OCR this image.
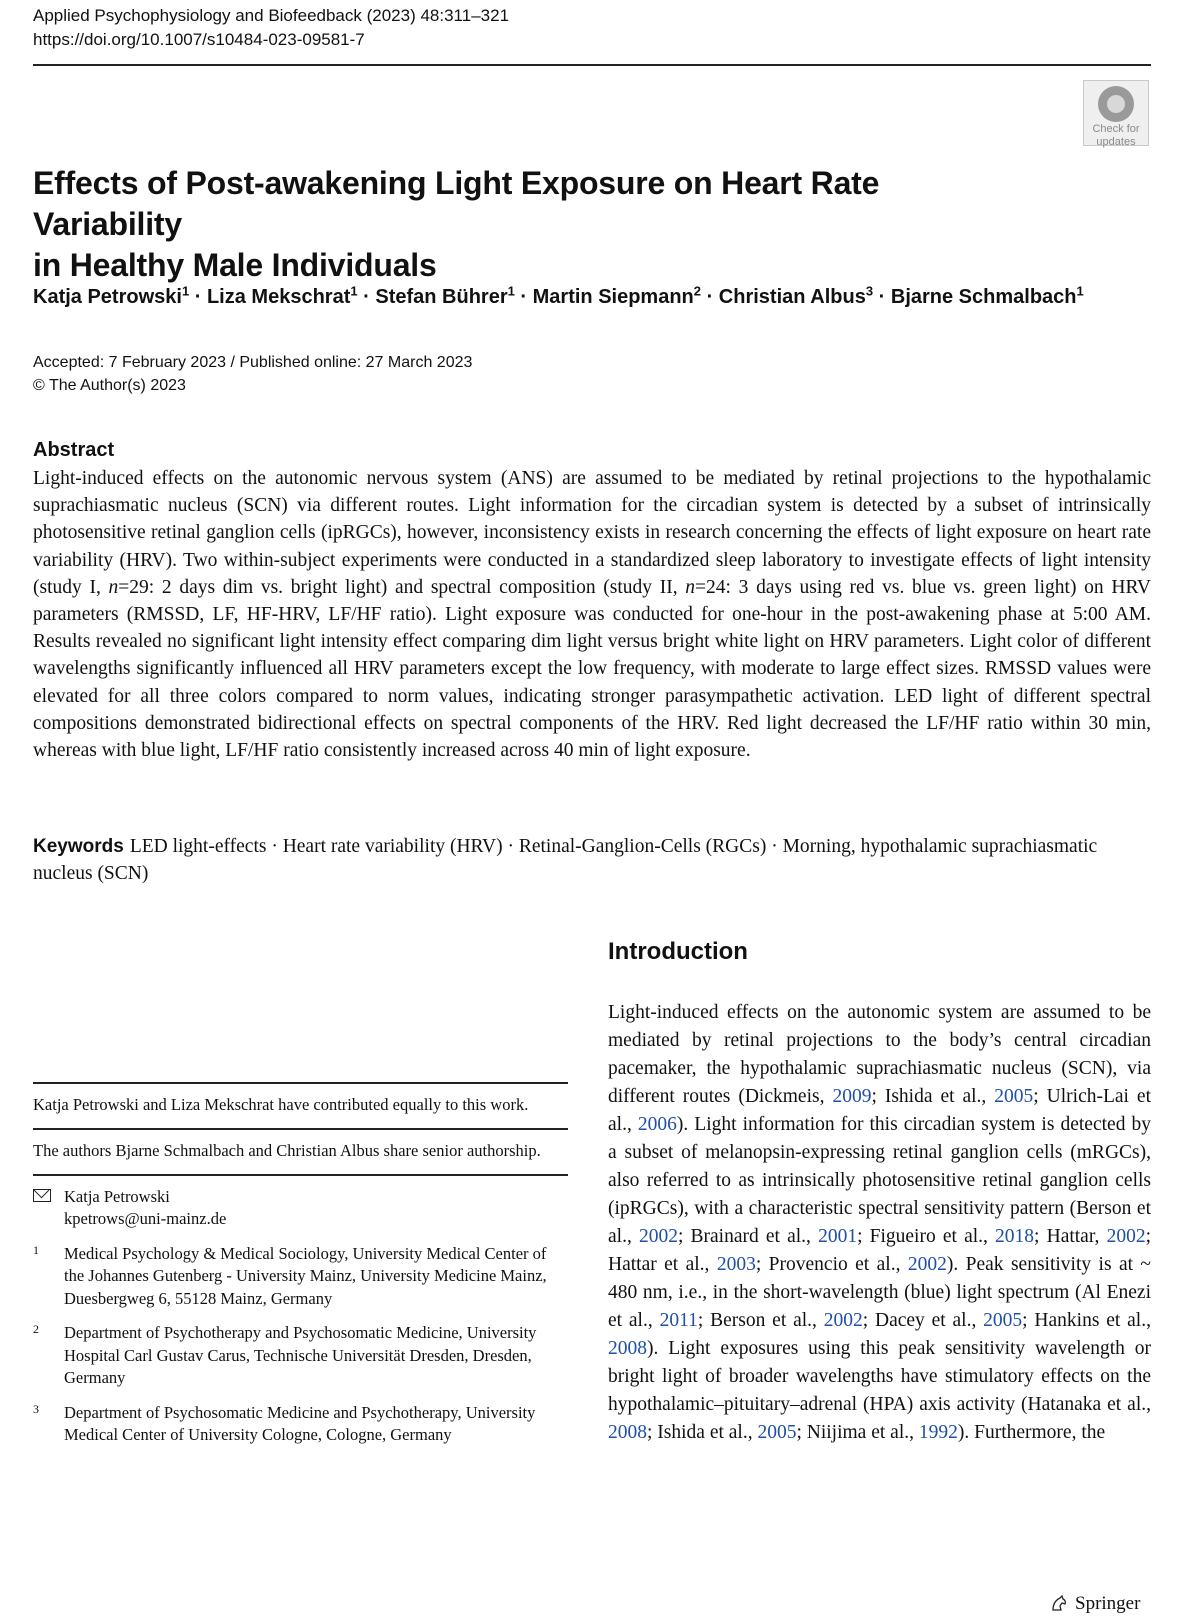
Applied Psychophysiology and Biofeedback (2023) 48:311–321
https://doi.org/10.1007/s10484-023-09581-7
Check for
updates
Effects of Post-awakening Light Exposure on Heart Rate Variability
in Healthy Male Individuals
Katja Petrowski$^1$ · Liza Mekschrat$^1$ · Stefan Bührer$^1$ · Martin Siepmann$^2$ · Christian Albus$^3$ · Bjarne Schmalbach$^1$
Accepted: 7 February 2023 / Published online: 27 March 2023
© The Author(s) 2023
Abstract
Light-induced effects on the autonomic nervous system (ANS) are assumed to be mediated by retinal projections to the hypothalamic suprachiasmatic nucleus (SCN) via different routes. Light information for the circadian system is detected by a subset of intrinsically photosensitive retinal ganglion cells (ipRGCs), however, inconsistency exists in research concerning the effects of light exposure on heart rate variability (HRV). Two within-subject experiments were conducted in a standardized sleep laboratory to investigate effects of light intensity (study I, n=29: 2 days dim vs. bright light) and spectral composition (study II, n=24: 3 days using red vs. blue vs. green light) on HRV parameters (RMSSD, LF, HF-HRV, LF/HF ratio). Light exposure was conducted for one-hour in the post-awakening phase at 5:00 AM. Results revealed no significant light intensity effect comparing dim light versus bright white light on HRV parameters. Light color of different wavelengths significantly influenced all HRV parameters except the low frequency, with moderate to large effect sizes. RMSSD values were elevated for all three colors compared to norm values, indicating stronger parasympathetic activation. LED light of different spectral compositions demonstrated bidirectional effects on spectral components of the HRV. Red light decreased the LF/HF ratio within 30 min, whereas with blue light, LF/HF ratio consistently increased across 40 min of light exposure.
Keywords LED light-effects · Heart rate variability (HRV) · Retinal-Ganglion-Cells (RGCs) · Morning, hypothalamic suprachiasmatic nucleus (SCN)
Introduction
Light-induced effects on the autonomic system are assumed to be mediated by retinal projections to the body’s central circadian pacemaker, the hypothalamic suprachiasmatic nucleus (SCN), via different routes (Dickmeis, 2009; Ishida et al., 2005; Ulrich-Lai et al., 2006). Light information for this circadian system is detected by a subset of melanopsin-expressing retinal ganglion cells (mRGCs), also referred to as intrinsically photosensitive retinal ganglion cells (ipRGCs), with a characteristic spectral sensitivity pattern (Berson et al., 2002; Brainard et al., 2001; Figueiro et al., 2018; Hattar, 2002; Hattar et al., 2003; Provencio et al., 2002). Peak sensitivity is at ~ 480 nm, i.e., in the short-wavelength (blue) light spectrum (Al Enezi et al., 2011; Berson et al., 2002; Dacey et al., 2005; Hankins et al., 2008). Light exposures using this peak sensitivity wavelength or bright light of broader wavelengths have stimulatory effects on the hypothalamic–pituitary–adrenal (HPA) axis activity (Hatanaka et al., 2008; Ishida et al., 2005; Niijima et al., 1992). Furthermore, the
Katja Petrowski and Liza Mekschrat have contributed equally to this work.
The authors Bjarne Schmalbach and Christian Albus share senior authorship.
Katja Petrowski
kpetrows@uni-mainz.de
1 Medical Psychology & Medical Sociology, University Medical Center of the Johannes Gutenberg - University Mainz, University Medicine Mainz, Duesbergweg 6, 55128 Mainz, Germany
2 Department of Psychotherapy and Psychosomatic Medicine, University Hospital Carl Gustav Carus, Technische Universität Dresden, Dresden, Germany
3 Department of Psychosomatic Medicine and Psychotherapy, University Medical Center of University Cologne, Cologne, Germany
Springer
